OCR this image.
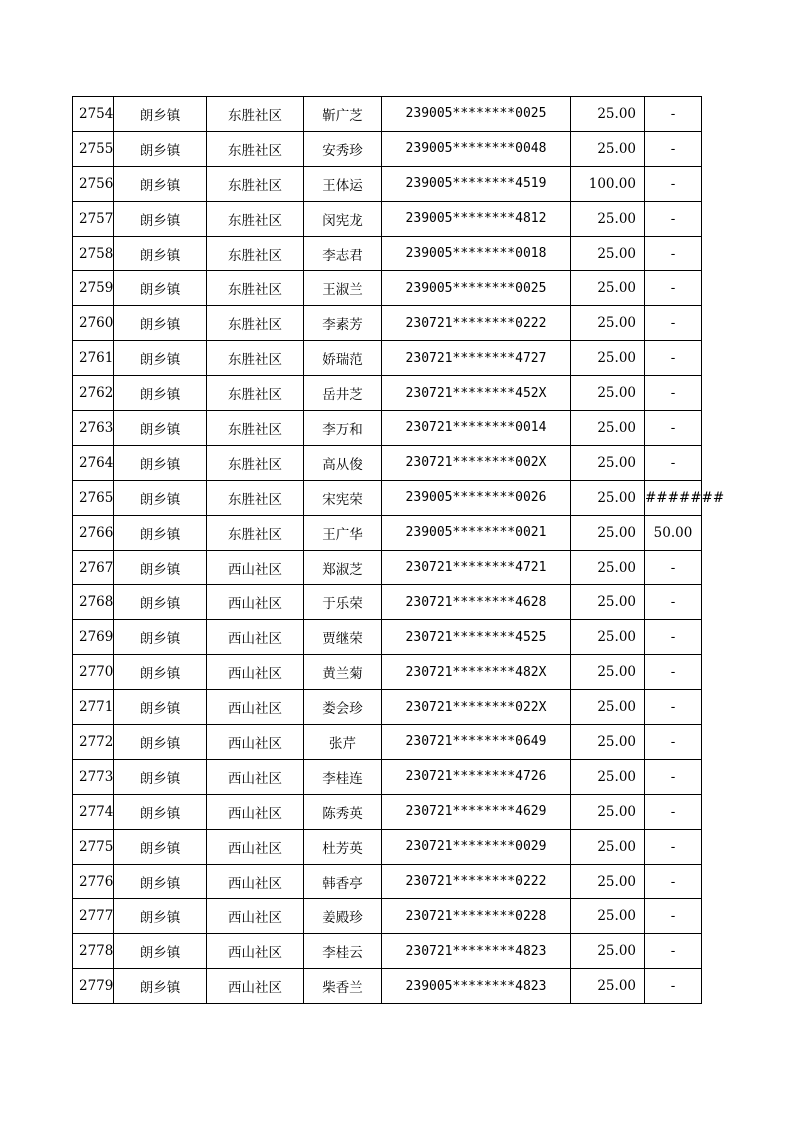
2754	朗乡镇	东胜社区	靳广芝	239005********0025	25.00	-
2755	朗乡镇	东胜社区	安秀珍	239005********0048	25.00	-
2756	朗乡镇	东胜社区	王体运	239005********4519	100.00	-
2757	朗乡镇	东胜社区	闵宪龙	239005********4812	25.00	-
2758	朗乡镇	东胜社区	李志君	239005********0018	25.00	-
2759	朗乡镇	东胜社区	王淑兰	239005********0025	25.00	-
2760	朗乡镇	东胜社区	李素芳	230721********0222	25.00	-
2761	朗乡镇	东胜社区	娇瑞范	230721********4727	25.00	-
2762	朗乡镇	东胜社区	岳井芝	230721********452X	25.00	-
2763	朗乡镇	东胜社区	李万和	230721********0014	25.00	-
2764	朗乡镇	东胜社区	高从俊	230721********002X	25.00	-
2765	朗乡镇	东胜社区	宋宪荣	239005********0026	25.00	#######
2766	朗乡镇	东胜社区	王广华	239005********0021	25.00	50.00
2767	朗乡镇	西山社区	郑淑芝	230721********4721	25.00	-
2768	朗乡镇	西山社区	于乐荣	230721********4628	25.00	-
2769	朗乡镇	西山社区	贾继荣	230721********4525	25.00	-
2770	朗乡镇	西山社区	黄兰菊	230721********482X	25.00	-
2771	朗乡镇	西山社区	娄会珍	230721********022X	25.00	-
2772	朗乡镇	西山社区	张芹	230721********0649	25.00	-
2773	朗乡镇	西山社区	李桂连	230721********4726	25.00	-
2774	朗乡镇	西山社区	陈秀英	230721********4629	25.00	-
2775	朗乡镇	西山社区	杜芳英	230721********0029	25.00	-
2776	朗乡镇	西山社区	韩香亭	230721********0222	25.00	-
2777	朗乡镇	西山社区	姜殿珍	230721********0228	25.00	-
2778	朗乡镇	西山社区	李桂云	230721********4823	25.00	-
2779	朗乡镇	西山社区	柴香兰	239005********4823	25.00	-
